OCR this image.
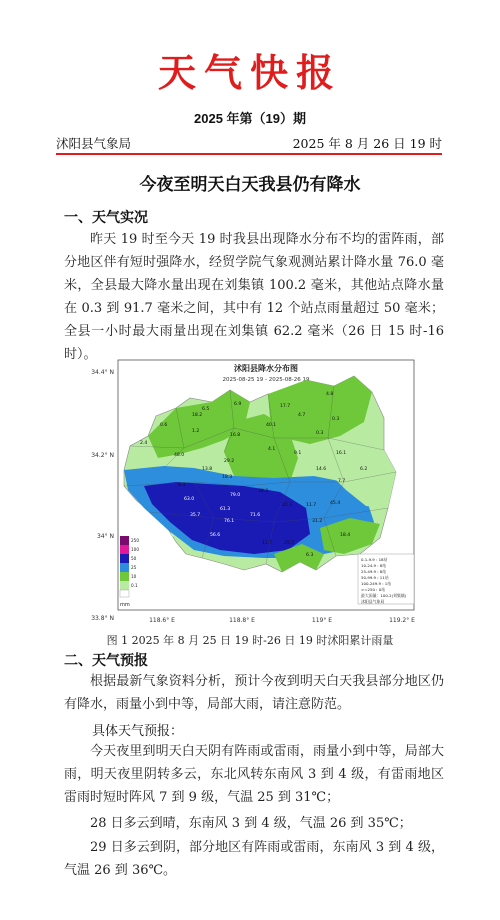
天气快报
2025 年第（19）期
沭阳县气象局	2025 年 8 月 26 日 19 时
今夜至明天白天我县仍有降水
一、天气实况
昨天 19 时至今天 19 时我县出现降水分布不均的雷阵雨，部分地区伴有短时强降水，经贸学院气象观测站累计降水量 76.0 毫米，全县最大降水量出现在刘集镇 100.2 毫米，其他站点降水量在 0.3 到 91.7 毫米之间，其中有 12 个站点雨量超过 50 毫米；全县一小时最大雨量出现在刘集镇 62.2 毫米（26 日 15 时-16 时）。
沭阳县降水分布图
2025-08-25 19 - 2025-08-26 19
4.8
17.7
6.9
6.5
18.2
0.6
0.3
40.1
4.7
1.2
16.8
2.4
4.1
0.3
9.1	16.1
48.0
29.2
13.8
18.3
6.2
79.0
7.7
14.6
8.3
63.0
61.3
30.3
22.3	11.7	45.4
35.7
76.1
71.6
31.2
100.2	56.6
11.7	25.7
6.3
18.4
34.4° N
34.2° N
34° N
33.8° N	118.6° E	118.8° E	119° E	119.2° E
250
100
50
25
10
0.1
mm
0.1-9.9 : 18站
10-24.9 : 8站
25-49.9 : 8站
50-99.9 : 11站
100-249.9 : 1站
>=250 : 0站
最大雨量：100.2(刘集镇)
沭阳县气象局
图 1 2025 年 8 月 25 日 19 时-26 日 19 时沭阳累计雨量
二、天气预报
根据最新气象资料分析，预计今夜到明天白天我县部分地区仍有降水，雨量小到中等，局部大雨，请注意防范。
具体天气预报：
今天夜里到明天白天阴有阵雨或雷雨，雨量小到中等，局部大雨，明天夜里阴转多云，东北风转东南风 3 到 4 级，有雷雨地区雷雨时短时阵风 7 到 9 级，气温 25 到 31℃；
28 日多云到晴，东南风 3 到 4 级，气温 26 到 35℃；
29 日多云到阴，部分地区有阵雨或雷雨，东南风 3 到 4 级，气温 26 到 36℃。
